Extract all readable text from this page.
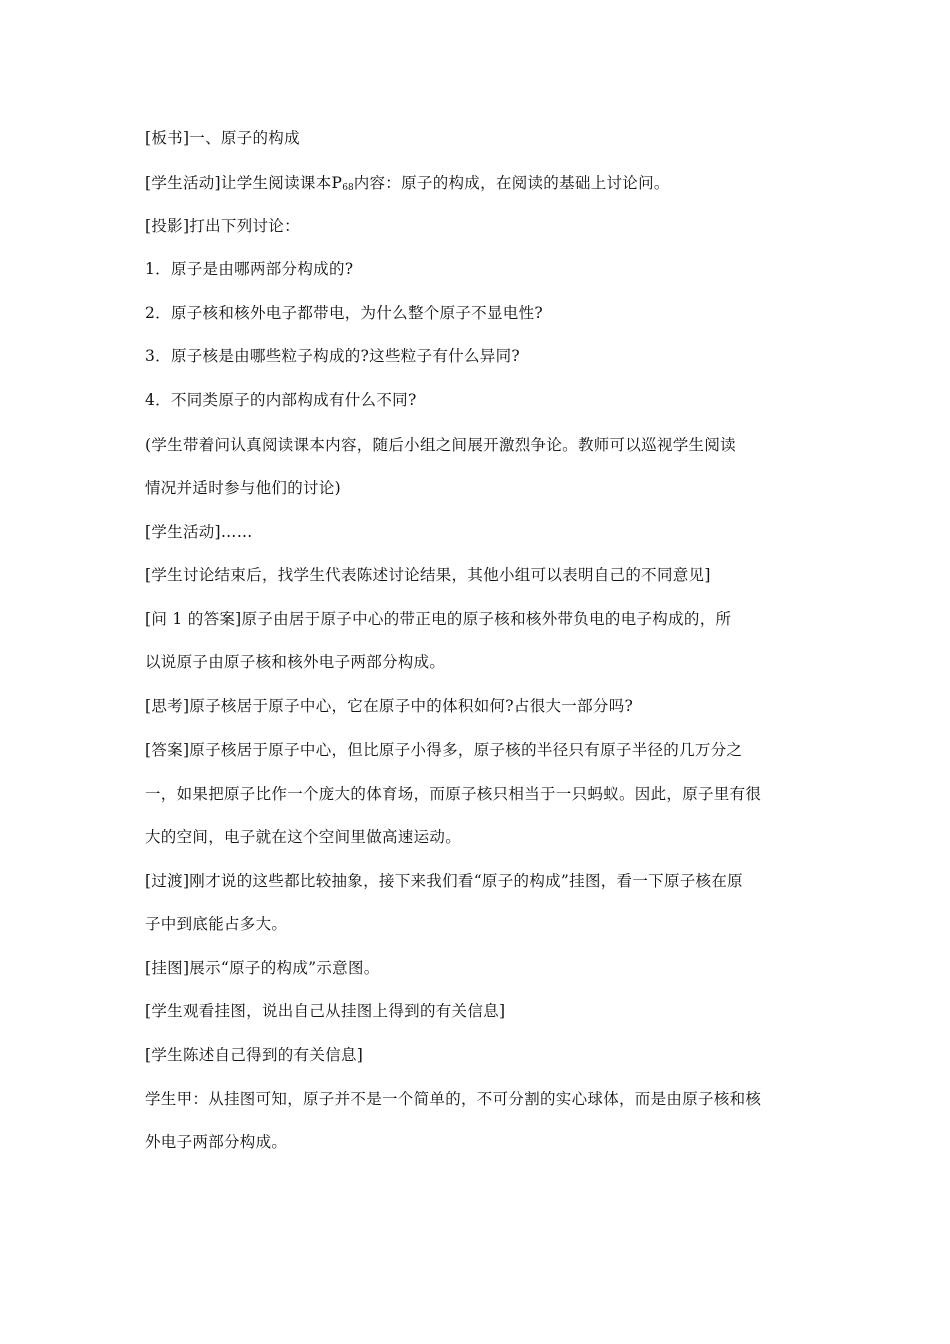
[板书]一、原子的构成
[学生活动]让学生阅读课本$P_{68}$内容：原子的构成，在阅读的基础上讨论问。
[投影]打出下列讨论：
1．原子是由哪两部分构成的?
2．原子核和核外电子都带电，为什么整个原子不显电性?
3．原子核是由哪些粒子构成的?这些粒子有什么异同?
4．不同类原子的内部构成有什么不同?
(学生带着问认真阅读课本内容，随后小组之间展开激烈争论。教师可以巡视学生阅读
情况并适时参与他们的讨论)
[学生活动]……
[学生讨论结束后，找学生代表陈述讨论结果，其他小组可以表明自己的不同意见]
[问 1 的答案]原子由居于原子中心的带正电的原子核和核外带负电的电子构成的，所
以说原子由原子核和核外电子两部分构成。
[思考]原子核居于原子中心，它在原子中的体积如何?占很大一部分吗?
[答案]原子核居于原子中心，但比原子小得多，原子核的半径只有原子半径的几万分之
一，如果把原子比作一个庞大的体育场，而原子核只相当于一只蚂蚁。因此，原子里有很
大的空间，电子就在这个空间里做高速运动。
[过渡]刚才说的这些都比较抽象，接下来我们看“原子的构成”挂图，看一下原子核在原
子中到底能占多大。
[挂图]展示“原子的构成”示意图。
[学生观看挂图，说出自己从挂图上得到的有关信息]
[学生陈述自己得到的有关信息]
学生甲：从挂图可知，原子并不是一个简单的，不可分割的实心球体，而是由原子核和核
外电子两部分构成。
